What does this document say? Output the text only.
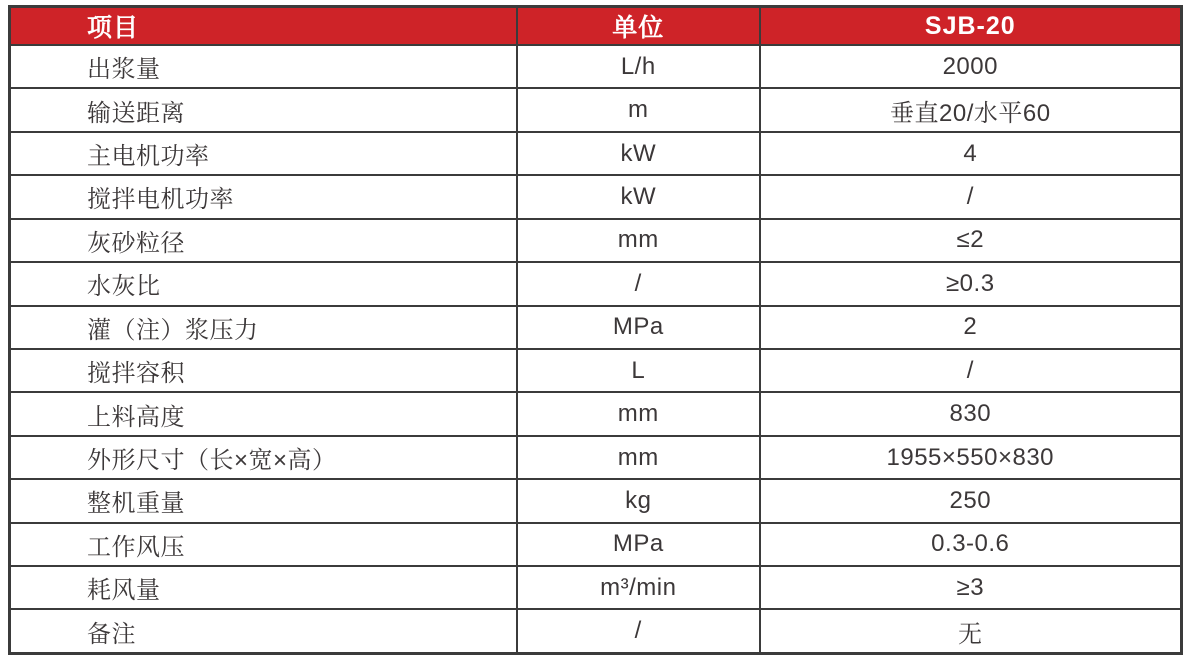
项目	单位	SJB-20
出浆量	L/h	2000
输送距离	m	垂直20/水平60
主电机功率	kW	4
搅拌电机功率	kW	/
灰砂粒径	mm	≤2
水灰比	/	≥0.3
灌（注）浆压力	MPa	2
搅拌容积	L	/
上料高度	mm	830
外形尺寸（长×宽×高）	mm	1955×550×830
整机重量	kg	250
工作风压	MPa	0.3-0.6
耗风量	m³/min	≥3
备注	/	无
